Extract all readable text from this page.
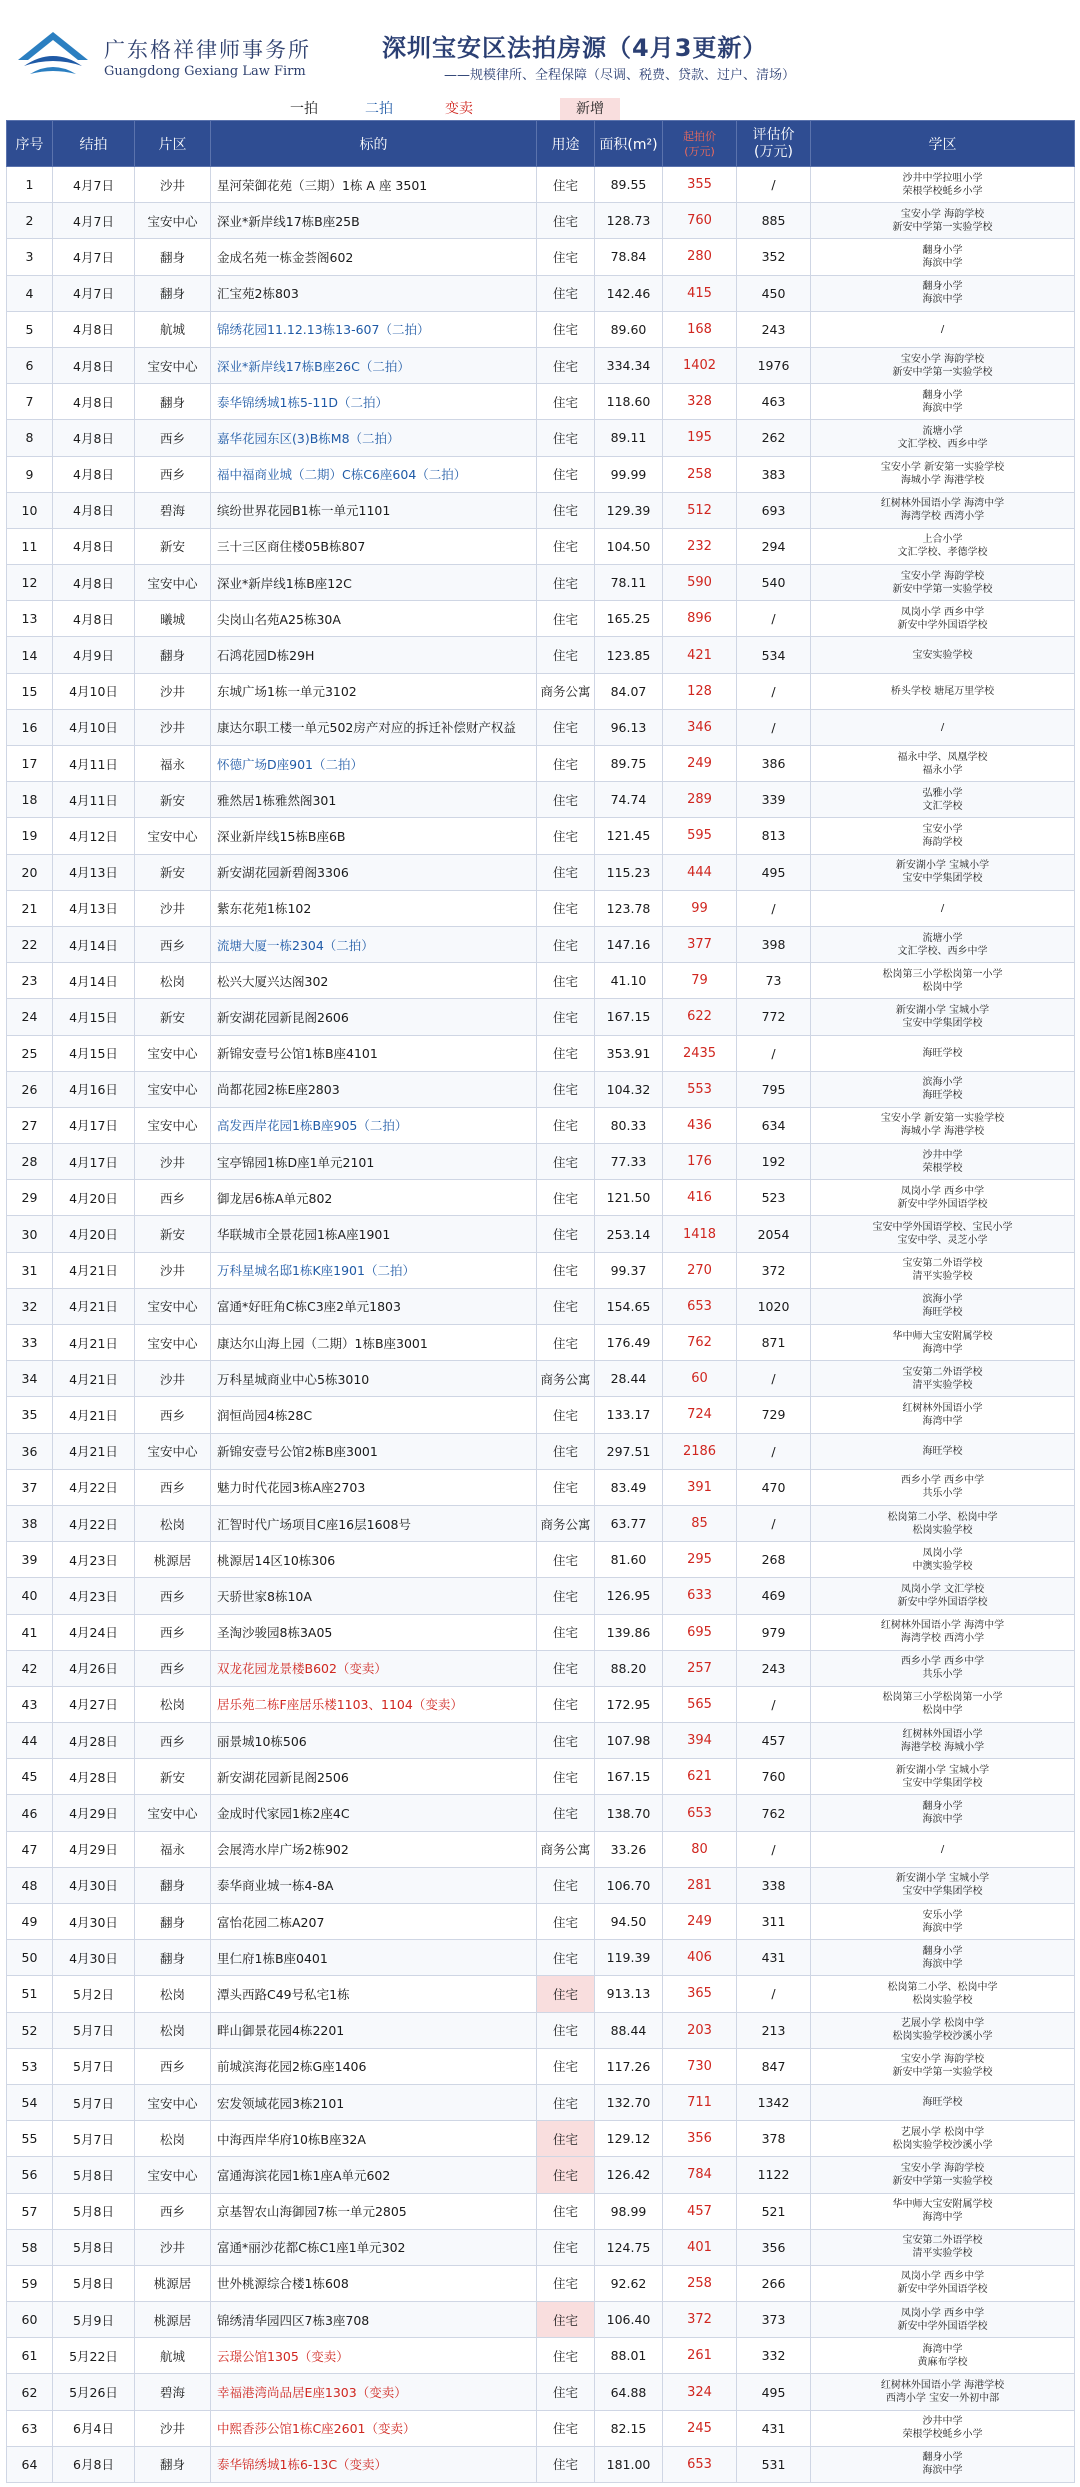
广东格祥律师事务所
Guangdong Gexiang Law Firm
深圳宝安区法拍房源（4月3更新）
——规模律所、全程保障（尽调、税费、贷款、过户、清场）
一拍	二拍	变卖	新增
序号	结拍	片区	标的	用途	面积(m²)	起拍价
(万元)	评估价
(万元)	学区
1	4月7日	沙井	星河荣御花苑（三期）1栋 A 座 3501	住宅	89.55	355	/	沙井中学拉咀小学
荣根学校蚝乡小学
2	4月7日	宝安中心	深业*新岸线17栋B座25B	住宅	128.73	760	885	宝安小学 海韵学校
新安中学第一实验学校
3	4月7日	翻身	金成名苑一栋金荟阁602	住宅	78.84	280	352	翻身小学
海滨中学
4	4月7日	翻身	汇宝苑2栋803	住宅	142.46	415	450	翻身小学
海滨中学
5	4月8日	航城	锦绣花园11.12.13栋13-607（二拍）	住宅	89.60	168	243	/
6	4月8日	宝安中心	深业*新岸线17栋B座26C（二拍）	住宅	334.34	1402	1976	宝安小学 海韵学校
新安中学第一实验学校
7	4月8日	翻身	泰华锦绣城1栋5-11D（二拍）	住宅	118.60	328	463	翻身小学
海滨中学
8	4月8日	西乡	嘉华花园东区(3)B栋M8（二拍）	住宅	89.11	195	262	流塘小学
文汇学校、西乡中学
9	4月8日	西乡	福中福商业城（二期）C栋C6座604（二拍）	住宅	99.99	258	383	宝安小学 新安第一实验学校
海城小学 海港学校
10	4月8日	碧海	缤纷世界花园B1栋一单元1101	住宅	129.39	512	693	红树林外国语小学 海湾中学
海湾学校 西湾小学
11	4月8日	新安	三十三区商住楼05B栋807	住宅	104.50	232	294	上合小学
文汇学校、孝德学校
12	4月8日	宝安中心	深业*新岸线1栋B座12C	住宅	78.11	590	540	宝安小学 海韵学校
新安中学第一实验学校
13	4月8日	曦城	尖岗山名苑A25栋30A	住宅	165.25	896	/	凤岗小学 西乡中学
新安中学外国语学校
14	4月9日	翻身	石鸿花园D栋29H	住宅	123.85	421	534	宝安实验学校
15	4月10日	沙井	东城广场1栋一单元3102	商务公寓	84.07	128	/	桥头学校 塘尾万里学校
16	4月10日	沙井	康达尔职工楼一单元502房产对应的拆迁补偿财产权益	住宅	96.13	346	/	/
17	4月11日	福永	怀德广场D座901（二拍）	住宅	89.75	249	386	福永中学、凤凰学校
福永小学
18	4月11日	新安	雅然居1栋雅然阁301	住宅	74.74	289	339	弘雅小学
文汇学校
19	4月12日	宝安中心	深业新岸线15栋B座6B	住宅	121.45	595	813	宝安小学
海韵学校
20	4月13日	新安	新安湖花园新碧阁3306	住宅	115.23	444	495	新安湖小学 宝城小学
宝安中学集团学校
21	4月13日	沙井	紫东花苑1栋102	住宅	123.78	99	/	/
22	4月14日	西乡	流塘大厦一栋2304（二拍）	住宅	147.16	377	398	流塘小学
文汇学校、西乡中学
23	4月14日	松岗	松兴大厦兴达阁302	住宅	41.10	79	73	松岗第三小学松岗第一小学
松岗中学
24	4月15日	新安	新安湖花园新昆阁2606	住宅	167.15	622	772	新安湖小学 宝城小学
宝安中学集团学校
25	4月15日	宝安中心	新锦安壹号公馆1栋B座4101	住宅	353.91	2435	/	海旺学校
26	4月16日	宝安中心	尚都花园2栋E座2803	住宅	104.32	553	795	滨海小学
海旺学校
27	4月17日	宝安中心	高发西岸花园1栋B座905（二拍）	住宅	80.33	436	634	宝安小学 新安第一实验学校
海城小学 海港学校
28	4月17日	沙井	宝亭锦园1栋D座1单元2101	住宅	77.33	176	192	沙井中学
荣根学校
29	4月20日	西乡	御龙居6栋A单元802	住宅	121.50	416	523	凤岗小学 西乡中学
新安中学外国语学校
30	4月20日	新安	华联城市全景花园1栋A座1901	住宅	253.14	1418	2054	宝安中学外国语学校、宝民小学
宝安中学、灵芝小学
31	4月21日	沙井	万科星城名邸1栋K座1901（二拍）	住宅	99.37	270	372	宝安第二外语学校
清平实验学校
32	4月21日	宝安中心	富通*好旺角C栋C3座2单元1803	住宅	154.65	653	1020	滨海小学
海旺学校
33	4月21日	宝安中心	康达尔山海上园（二期）1栋B座3001	住宅	176.49	762	871	华中师大宝安附属学校
海湾中学
34	4月21日	沙井	万科星城商业中心5栋3010	商务公寓	28.44	60	/	宝安第二外语学校
清平实验学校
35	4月21日	西乡	润恒尚园4栋28C	住宅	133.17	724	729	红树林外国语小学
海湾中学
36	4月21日	宝安中心	新锦安壹号公馆2栋B座3001	住宅	297.51	2186	/	海旺学校
37	4月22日	西乡	魅力时代花园3栋A座2703	住宅	83.49	391	470	西乡小学 西乡中学
共乐小学
38	4月22日	松岗	汇智时代广场项目C座16层1608号	商务公寓	63.77	85	/	松岗第二小学、松岗中学
松岗实验学校
39	4月23日	桃源居	桃源居14区10栋306	住宅	81.60	295	268	凤岗小学
中澳实验学校
40	4月23日	西乡	天骄世家8栋10A	住宅	126.95	633	469	凤岗小学 文汇学校
新安中学外国语学校
41	4月24日	西乡	圣淘沙骏园8栋3A05	住宅	139.86	695	979	红树林外国语小学 海湾中学
海湾学校 西湾小学
42	4月26日	西乡	双龙花园龙景楼B602（变卖）	住宅	88.20	257	243	西乡小学 西乡中学
共乐小学
43	4月27日	松岗	居乐苑二栋F座居乐楼1103、1104（变卖）	住宅	172.95	565	/	松岗第三小学松岗第一小学
松岗中学
44	4月28日	西乡	丽景城10栋506	住宅	107.98	394	457	红树林外国语小学
海港学校 海城小学
45	4月28日	新安	新安湖花园新昆阁2506	住宅	167.15	621	760	新安湖小学 宝城小学
宝安中学集团学校
46	4月29日	宝安中心	金成时代家园1栋2座4C	住宅	138.70	653	762	翻身小学
海滨中学
47	4月29日	福永	会展湾水岸广场2栋902	商务公寓	33.26	80	/	/
48	4月30日	翻身	泰华商业城一栋4-8A	住宅	106.70	281	338	新安湖小学 宝城小学
宝安中学集团学校
49	4月30日	翻身	富怡花园二栋A207	住宅	94.50	249	311	安乐小学
海滨中学
50	4月30日	翻身	里仁府1栋B座0401	住宅	119.39	406	431	翻身小学
海滨中学
51	5月2日	松岗	潭头西路C49号私宅1栋	住宅	913.13	365	/	松岗第二小学、松岗中学
松岗实验学校
52	5月7日	松岗	畔山御景花园4栋2201	住宅	88.44	203	213	艺展小学 松岗中学
松岗实验学校沙溪小学
53	5月7日	西乡	前城滨海花园2栋G座1406	住宅	117.26	730	847	宝安小学 海韵学校
新安中学第一实验学校
54	5月7日	宝安中心	宏发领域花园3栋2101	住宅	132.70	711	1342	海旺学校
55	5月7日	松岗	中海西岸华府10栋B座32A	住宅	129.12	356	378	艺展小学 松岗中学
松岗实验学校沙溪小学
56	5月8日	宝安中心	富通海滨花园1栋1座A单元602	住宅	126.42	784	1122	宝安小学 海韵学校
新安中学第一实验学校
57	5月8日	西乡	京基智农山海御园7栋一单元2805	住宅	98.99	457	521	华中师大宝安附属学校
海湾中学
58	5月8日	沙井	富通*丽沙花都C栋C1座1单元302	住宅	124.75	401	356	宝安第二外语学校
清平实验学校
59	5月8日	桃源居	世外桃源综合楼1栋608	住宅	92.62	258	266	凤岗小学 西乡中学
新安中学外国语学校
60	5月9日	桃源居	锦绣清华园四区7栋3座708	住宅	106.40	372	373	凤岗小学 西乡中学
新安中学外国语学校
61	5月22日	航城	云璟公馆1305（变卖）	住宅	88.01	261	332	海湾中学
黄麻布学校
62	5月26日	碧海	幸福港湾尚品居E座1303（变卖）	住宅	64.88	324	495	红树林外国语小学 海港学校
西湾小学 宝安一外初中部
63	6月4日	沙井	中熙香莎公馆1栋C座2601（变卖）	住宅	82.15	245	431	沙井中学
荣根学校蚝乡小学
64	6月8日	翻身	泰华锦绣城1栋6-13C（变卖）	住宅	181.00	653	531	翻身小学
海滨中学
